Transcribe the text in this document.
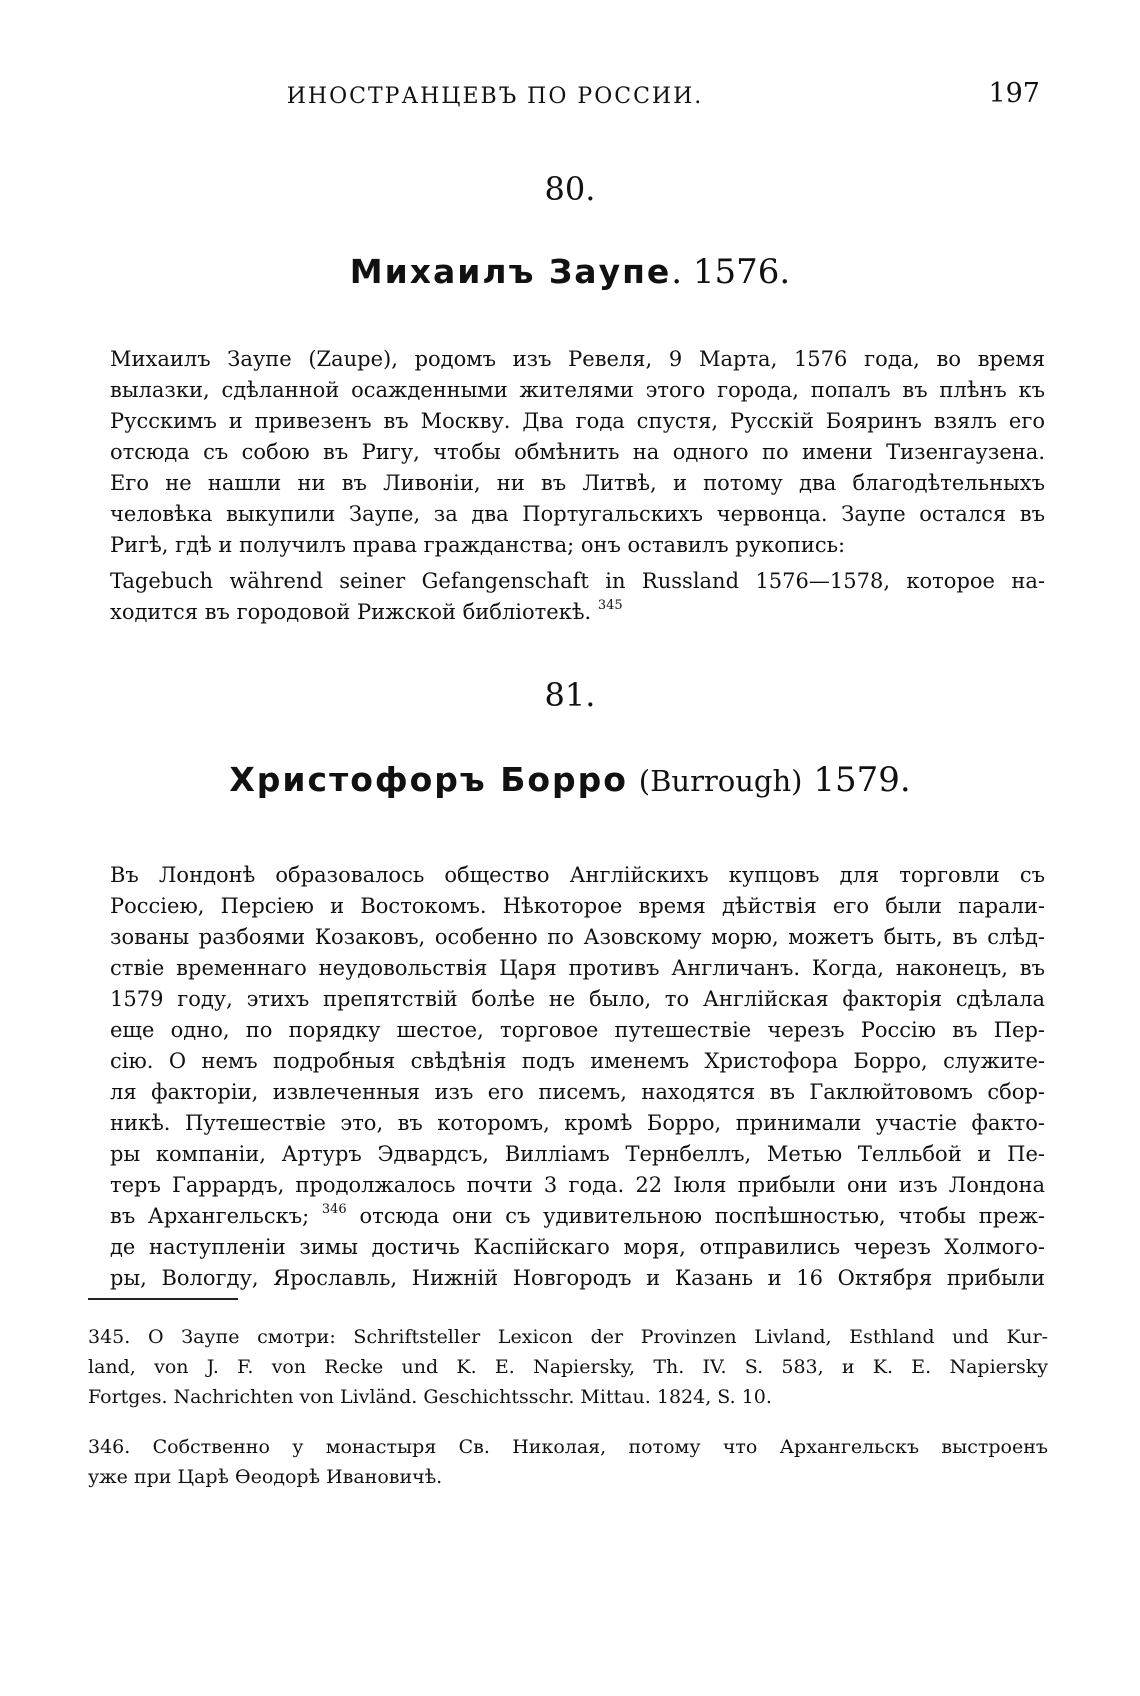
ИНОСТРАНЦЕВЪ ПО РОССИИ.	197
80.
Михаилъ Заупе. 1576.

Михаилъ Заупе (Zaupe), родомъ изъ Ревеля, 9 Марта, 1576 года, во время
вылазки, сдѣланной осажденными жителями этого города, попалъ въ плѣнъ къ
Русскимъ и привезенъ въ Москву. Два года спустя, Русскій Бояринъ взялъ его
отсюда съ собою въ Ригу, чтобы обмѣнить на одного по имени Тизенгаузена.
Его не нашли ни въ Ливоніи, ни въ Литвѣ, и потому два благодѣтельныхъ
человѣка выкупили Заупе, за два Португальскихъ червонца. Заупе остался въ
Ригѣ, гдѣ и получилъ права гражданства; онъ оставилъ рукопись:

Tagebuch während seiner Gefangenschaft in Russland 1576—1578, которое на-
ходится въ городовой Рижской библіотекѣ. $^{345}$

81.
Христофоръ Борро (Burrough) 1579.

Въ Лондонѣ образовалось общество Англійскихъ купцовъ для торговли съ
Россіею, Персіею и Востокомъ. Нѣкоторое время дѣйствія его были парали-
зованы разбоями Козаковъ, особенно по Азовскому морю, можетъ быть, въ слѣд-
ствіе временнаго неудовольствія Царя противъ Англичанъ. Когда, наконецъ, въ
1579 году, этихъ препятствій болѣе не было, то Англійская факторія сдѣлала
еще одно, по порядку шестое, торговое путешествіе черезъ Россію въ Пер-
сію. О немъ подробныя свѣдѣнія подъ именемъ Христофора Борро, служите-
ля факторіи, извлеченныя изъ его писемъ, находятся въ Гаклюйтовомъ сбор-
никѣ. Путешествіе это, въ которомъ, кромѣ Борро, принимали участіе факто-
ры компаніи, Артуръ Эдвардсъ, Вилліамъ Тернбеллъ, Метью Телльбой и Пе-
теръ Гаррардъ, продолжалось почти 3 года. 22 Іюля прибыли они изъ Лондона
въ Архангельскъ; $^{346}$ отсюда они съ удивительною поспѣшностью, чтобы преж-
де наступленіи зимы достичь Каспійскаго моря, отправились черезъ Холмого-
ры, Вологду, Ярославль, Нижній Новгородъ и Казань и 16 Октября прибыли

345. О Заупе смотри: Schriftsteller Lexicon der Provinzen Livland, Esthland und Kur-
land, von J. F. von Recke und K. E. Napiersky, Th. IV. S. 583, и K. E. Napiersky
Fortges. Nachrichten von Livländ. Geschichtsschr. Mittau. 1824, S. 10.

346. Собственно у монастыря Св. Николая, потому что Архангельскъ выстроенъ
уже при Царѣ Ѳеодорѣ Ивановичѣ.
